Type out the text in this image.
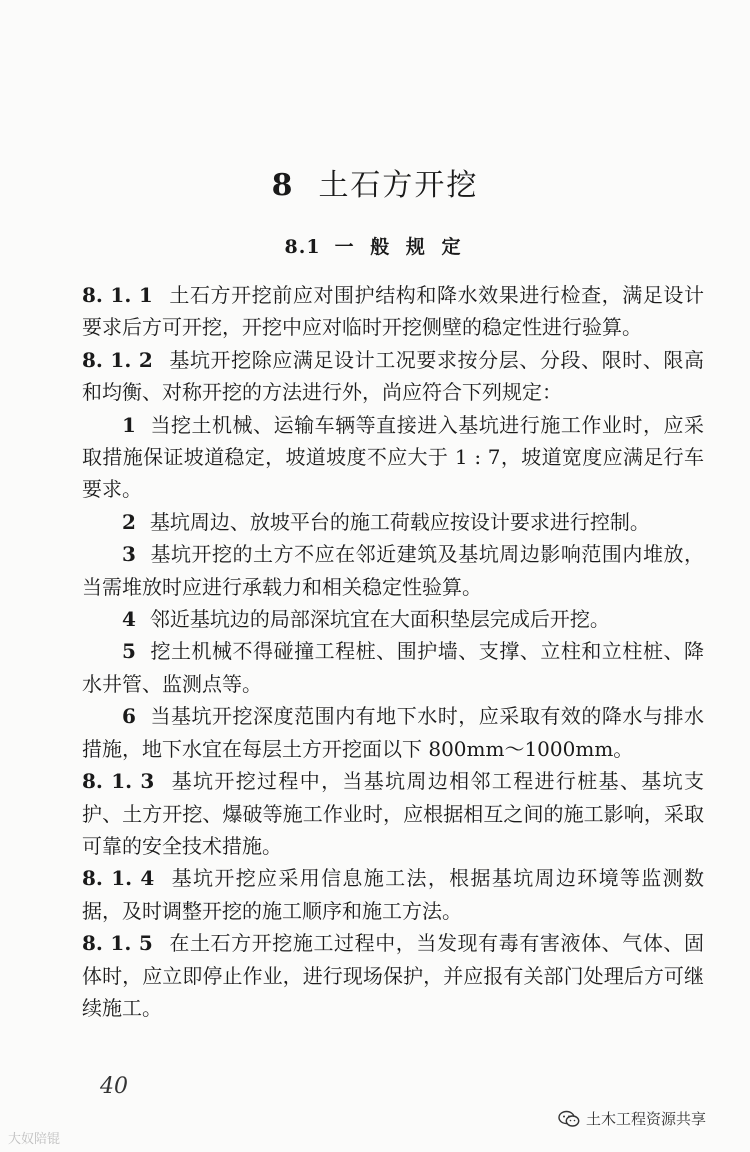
8 土石方开挖
8.1 一 般 规 定

8. 1. 1 土石方开挖前应对围护结构和降水效果进行检查，满足设计要求后方可开挖，开挖中应对临时开挖侧壁的稳定性进行验算。

8. 1. 2 基坑开挖除应满足设计工况要求按分层、分段、限时、限高和均衡、对称开挖的方法进行外，尚应符合下列规定：

1 当挖土机械、运输车辆等直接进入基坑进行施工作业时，应采取措施保证坡道稳定，坡道坡度不应大于 1 : 7，坡道宽度应满足行车要求。

2 基坑周边、放坡平台的施工荷载应按设计要求进行控制。

3 基坑开挖的土方不应在邻近建筑及基坑周边影响范围内堆放，当需堆放时应进行承载力和相关稳定性验算。

4 邻近基坑边的局部深坑宜在大面积垫层完成后开挖。

5 挖土机械不得碰撞工程桩、围护墙、支撑、立柱和立柱桩、降水井管、监测点等。

6 当基坑开挖深度范围内有地下水时，应采取有效的降水与排水措施，地下水宜在每层土方开挖面以下 800mm～1000mm。

8. 1. 3 基坑开挖过程中，当基坑周边相邻工程进行桩基、基坑支护、土方开挖、爆破等施工作业时，应根据相互之间的施工影响，采取可靠的安全技术措施。

8. 1. 4 基坑开挖应采用信息施工法，根据基坑周边环境等监测数据，及时调整开挖的施工顺序和施工方法。

8. 1. 5 在土石方开挖施工过程中，当发现有毒有害液体、气体、固体时，应立即停止作业，进行现场保护，并应报有关部门处理后方可继续施工。

40
大奴陪锟
土木工程资源共享
